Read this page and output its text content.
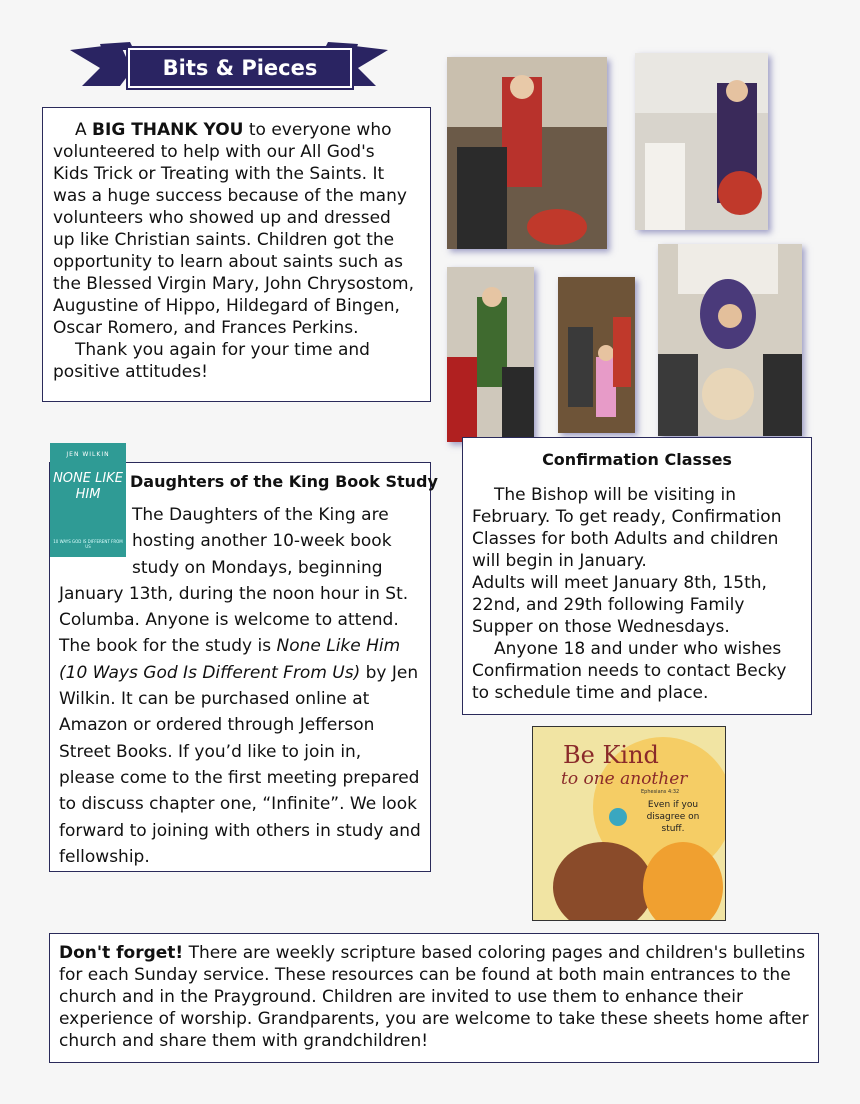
Bits & Pieces

A BIG THANK YOU to everyone who volunteered to help with our All God's Kids Trick or Treating with the Saints. It was a huge success because of the many volunteers who showed up and dressed up like Christian saints. Children got the opportunity to learn about saints such as the Blessed Virgin Mary, John Chrysostom, Augustine of Hippo, Hildegard of Bingen, Oscar Romero, and Frances Perkins.

Thank you again for your time and positive attitudes!

JEN WILKIN
NONE LIKE HIM
10 WAYS GOD IS DIFFERENT FROM US
Daughters of the King Book Study
The Daughters of the King are hosting another 10-week book study on Mondays, beginning January 13th, during the noon hour in St. Columba. Anyone is welcome to attend. The book for the study is None Like Him (10 Ways God Is Different From Us) by Jen Wilkin. It can be purchased online at Amazon or ordered through Jefferson Street Books. If you’d like to join in, please come to the first meeting prepared to discuss chapter one, “Infinite”. We look forward to joining with others in study and fellowship.
Confirmation Classes

The Bishop will be visiting in February. To get ready, Confirmation Classes for both Adults and children will begin in January.

Adults will meet January 8th, 15th, 22nd, and 29th following Family Supper on those Wednesdays.

Anyone 18 and under who wishes Confirmation needs to contact Becky to schedule time and place.

Be Kind
to one another
Ephesians 4:32
Even if you disagree on stuff.
Don't forget! There are weekly scripture based coloring pages and children's bulletins for each Sunday service. These resources can be found at both main entrances to the church and in the Prayground. Children are invited to use them to enhance their experience of worship. Grandparents, you are welcome to take these sheets home after church and share them with grandchildren!
